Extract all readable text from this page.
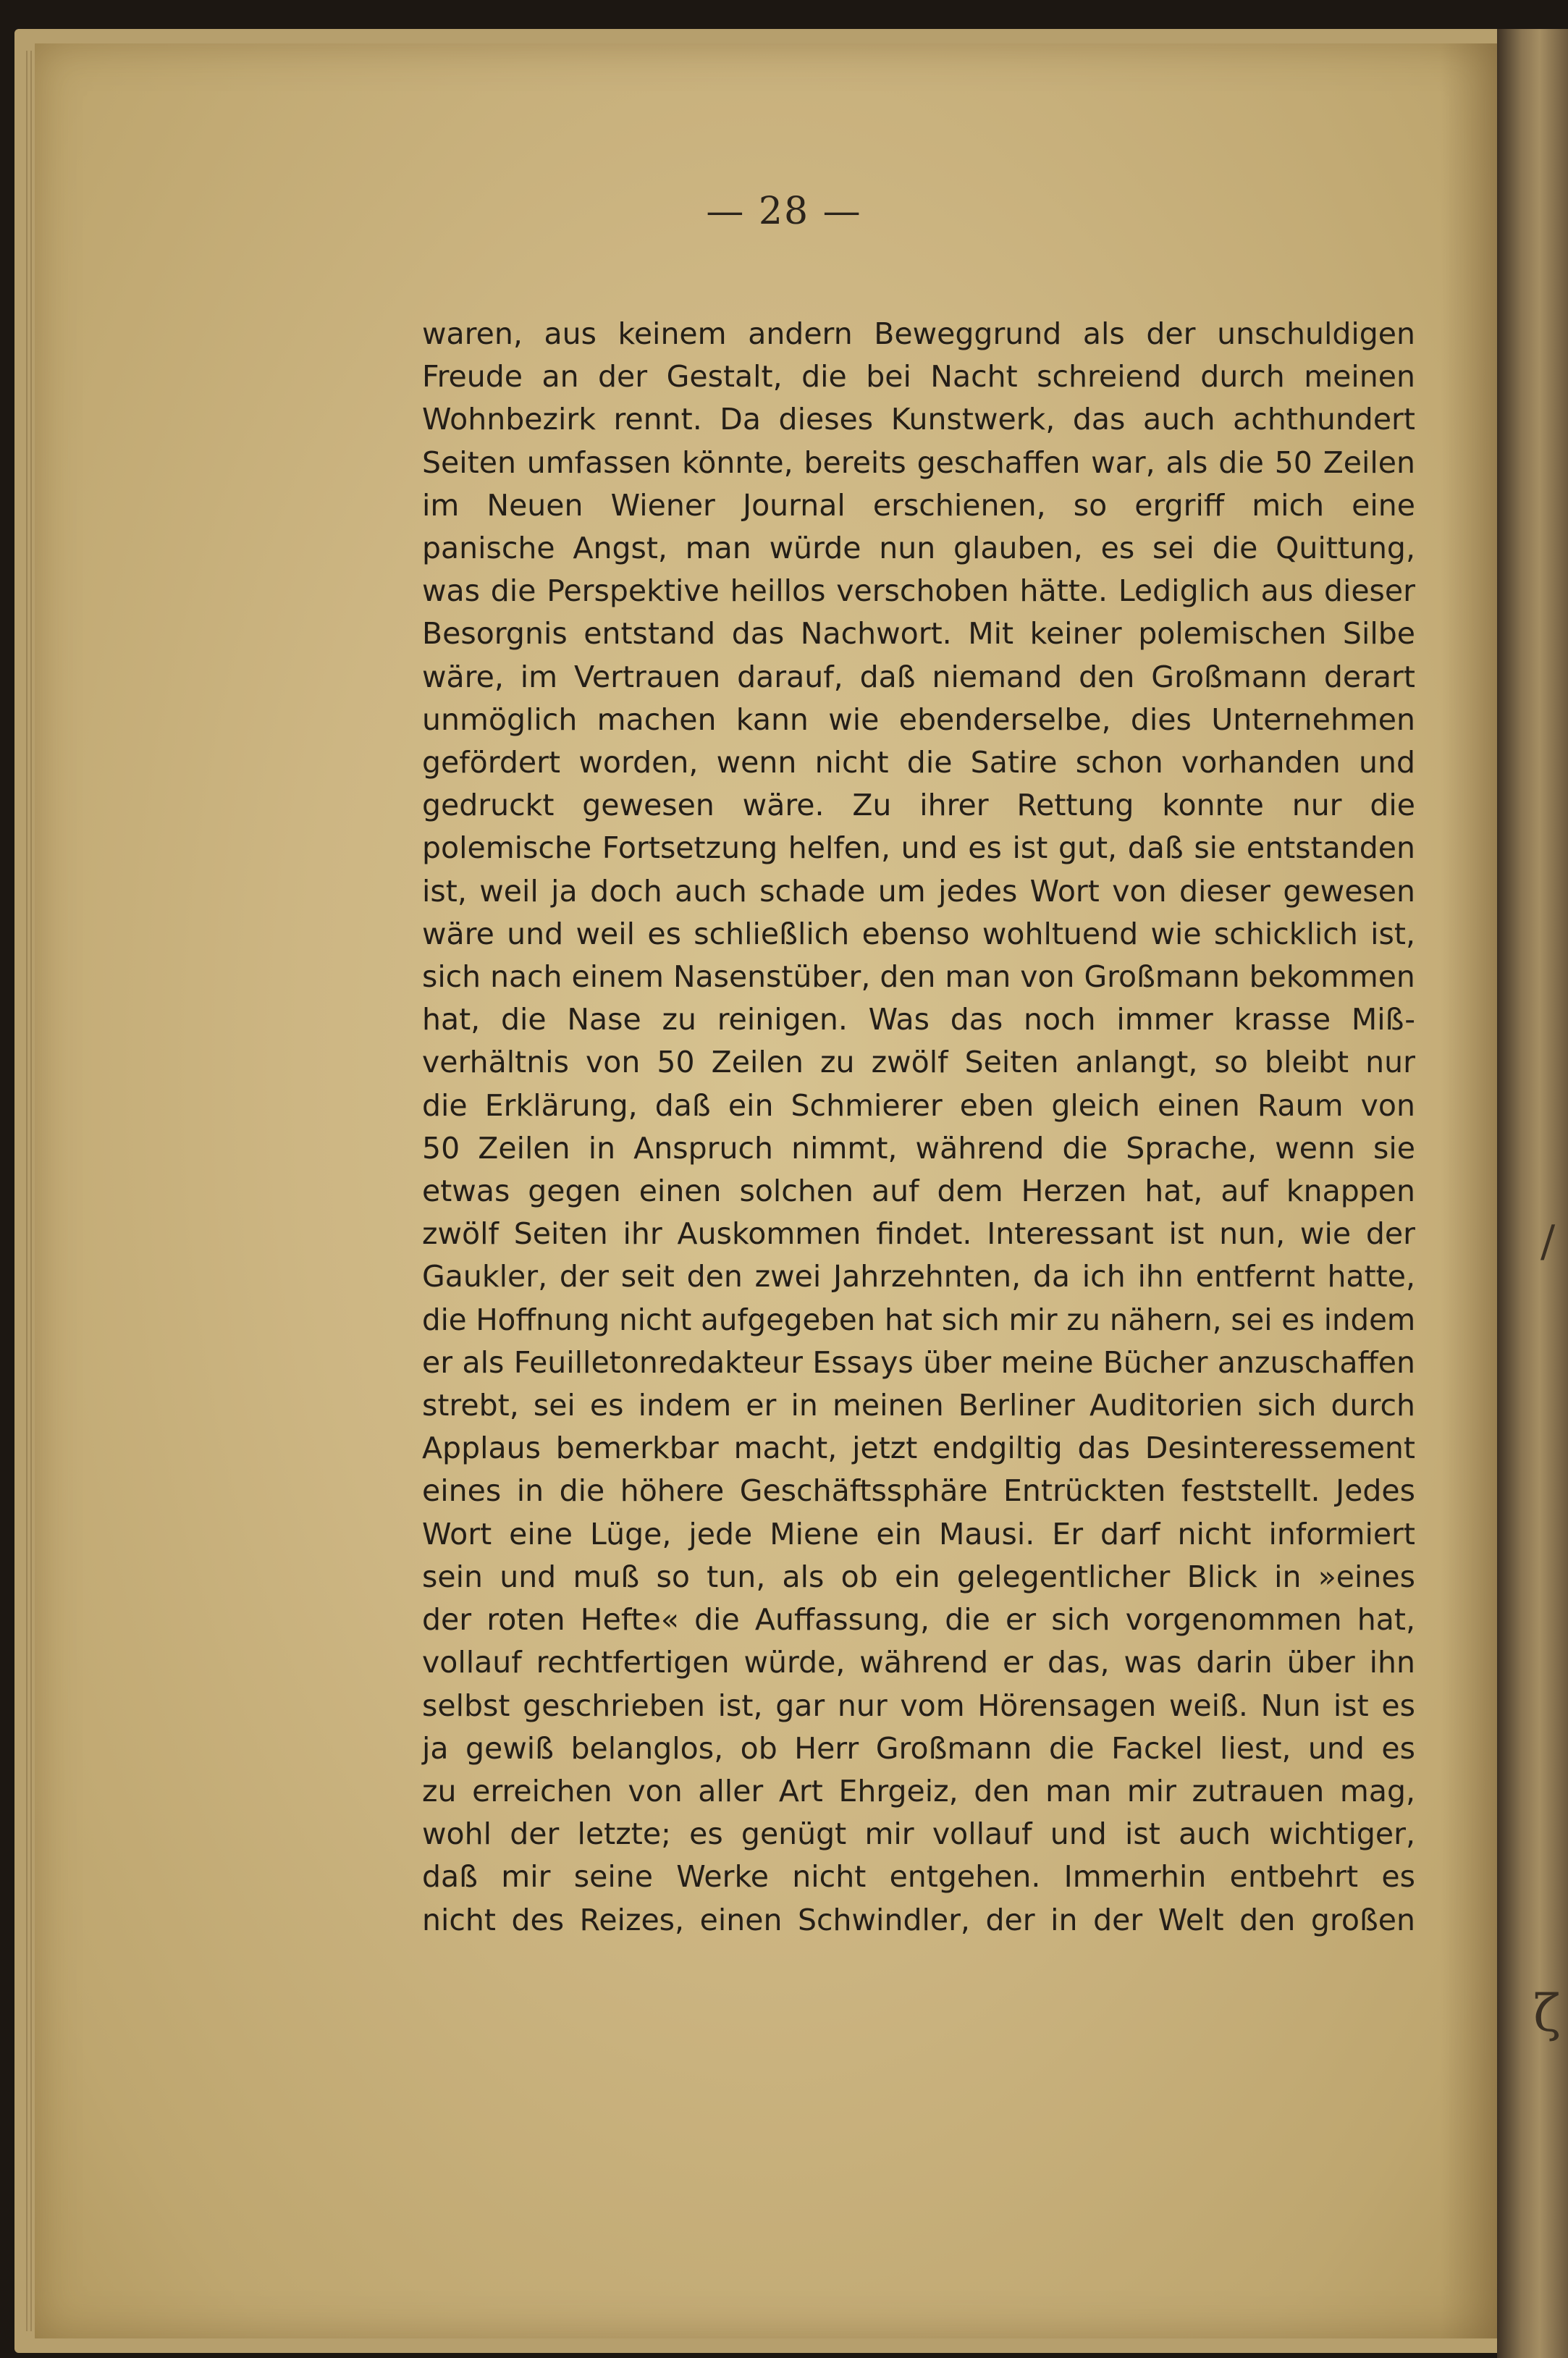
— 28 —
waren, aus keinem andern Beweggrund als der unschuldigen
Freude an der Gestalt, die bei Nacht schreiend durch meinen
Wohnbezirk rennt. Da dieses Kunstwerk, das auch achthundert
Seiten umfassen könnte, bereits geschaffen war, als die 50 Zeilen
im Neuen Wiener Journal erschienen, so ergriff mich eine
panische Angst, man würde nun glauben, es sei die Quittung,
was die Perspektive heillos verschoben hätte. Lediglich aus dieser
Besorgnis entstand das Nachwort. Mit keiner polemischen Silbe
wäre, im Vertrauen darauf, daß niemand den Großmann derart
unmöglich machen kann wie ebenderselbe, dies Unternehmen
gefördert worden, wenn nicht die Satire schon vorhanden und
gedruckt gewesen wäre. Zu ihrer Rettung konnte nur die
polemische Fortsetzung helfen, und es ist gut, daß sie entstanden
ist, weil ja doch auch schade um jedes Wort von dieser gewesen
wäre und weil es schließlich ebenso wohltuend wie schicklich ist,
sich nach einem Nasenstüber, den man von Großmann bekommen
hat, die Nase zu reinigen. Was das noch immer krasse Miß-
verhältnis von 50 Zeilen zu zwölf Seiten anlangt, so bleibt nur
die Erklärung, daß ein Schmierer eben gleich einen Raum von
50 Zeilen in Anspruch nimmt, während die Sprache, wenn sie
etwas gegen einen solchen auf dem Herzen hat, auf knappen
zwölf Seiten ihr Auskommen findet. Interessant ist nun, wie der
Gaukler, der seit den zwei Jahrzehnten, da ich ihn entfernt hatte,
die Hoffnung nicht aufgegeben hat sich mir zu nähern, sei es indem
er als Feuilletonredakteur Essays über meine Bücher anzuschaffen
strebt, sei es indem er in meinen Berliner Auditorien sich durch
Applaus bemerkbar macht, jetzt endgiltig das Desinteressement
eines in die höhere Geschäftssphäre Entrückten feststellt. Jedes
Wort eine Lüge, jede Miene ein Mausi. Er darf nicht informiert
sein und muß so tun, als ob ein gelegentlicher Blick in »eines
der roten Hefte« die Auffassung, die er sich vorgenommen hat,
vollauf rechtfertigen würde, während er das, was darin über ihn
selbst geschrieben ist, gar nur vom Hörensagen weiß. Nun ist es
ja gewiß belanglos, ob Herr Großmann die Fackel liest, und es
zu erreichen von aller Art Ehrgeiz, den man mir zutrauen mag,
wohl der letzte; es genügt mir vollauf und ist auch wichtiger,
daß mir seine Werke nicht entgehen. Immerhin entbehrt es
nicht des Reizes, einen Schwindler, der in der Welt den großen
/
ζ
